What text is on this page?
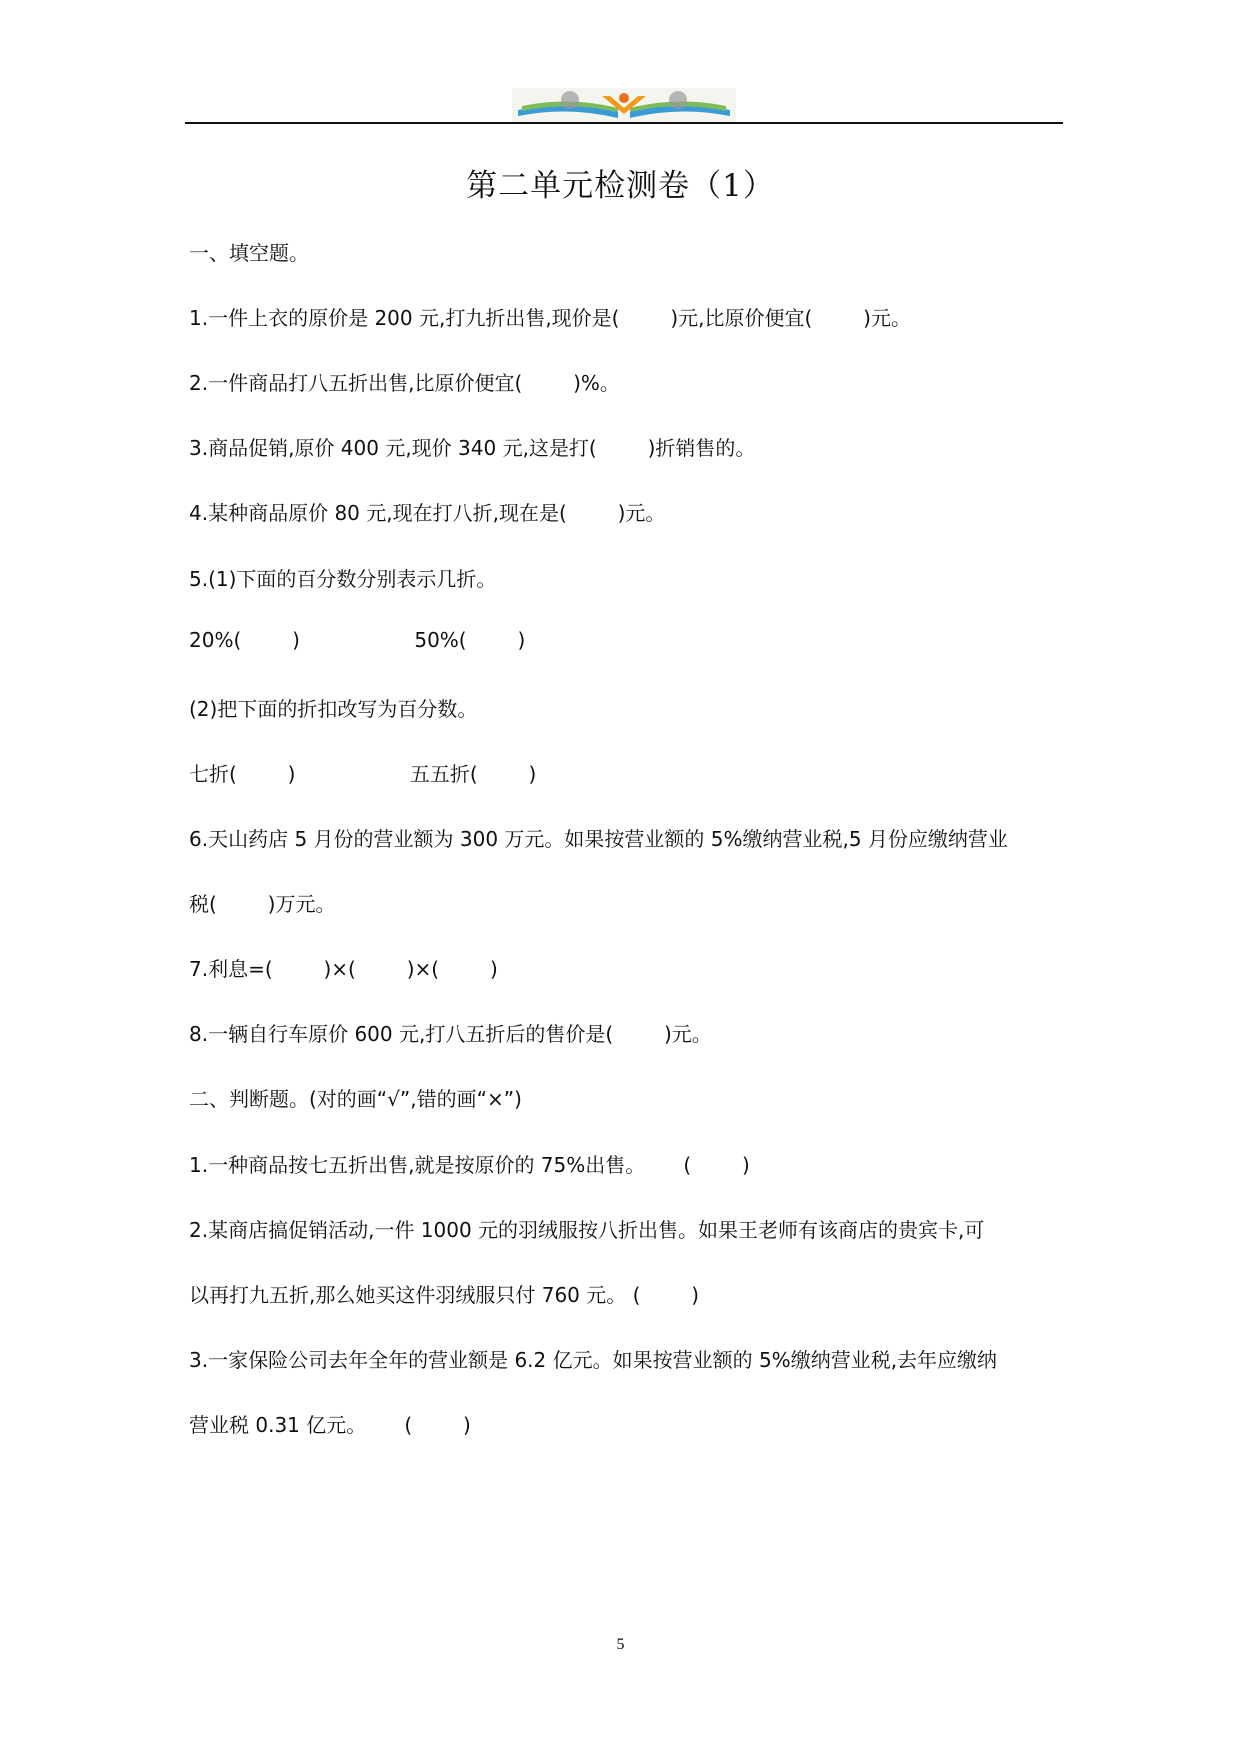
第二单元检测卷（1）
一、填空题。
1.一件上衣的原价是 200 元,打九折出售,现价是(        )元,比原价便宜(        )元。
2.一件商品打八五折出售,比原价便宜(        )%。
3.商品促销,原价 400 元,现价 340 元,这是打(        )折销售的。
4.某种商品原价 80 元,现在打八折,现在是(        )元。
5.(1)下面的百分数分别表示几折。
20%(        )                  50%(        )
(2)把下面的折扣改写为百分数。
七折(        )                  五五折(        )
6.天山药店 5 月份的营业额为 300 万元。如果按营业额的 5%缴纳营业税,5 月份应缴纳营业
税(        )万元。
7.利息=(        )×(        )×(        )
8.一辆自行车原价 600 元,打八五折后的售价是(        )元。
二、判断题。(对的画“√”,错的画“×”)
1.一种商品按七五折出售,就是按原价的 75%出售。      (        )
2.某商店搞促销活动,一件 1000 元的羽绒服按八折出售。如果王老师有该商店的贵宾卡,可
以再打九五折,那么她买这件羽绒服只付 760 元。 (        )
3.一家保险公司去年全年的营业额是 6.2 亿元。如果按营业额的 5%缴纳营业税,去年应缴纳
营业税 0.31 亿元。      (        )
5
